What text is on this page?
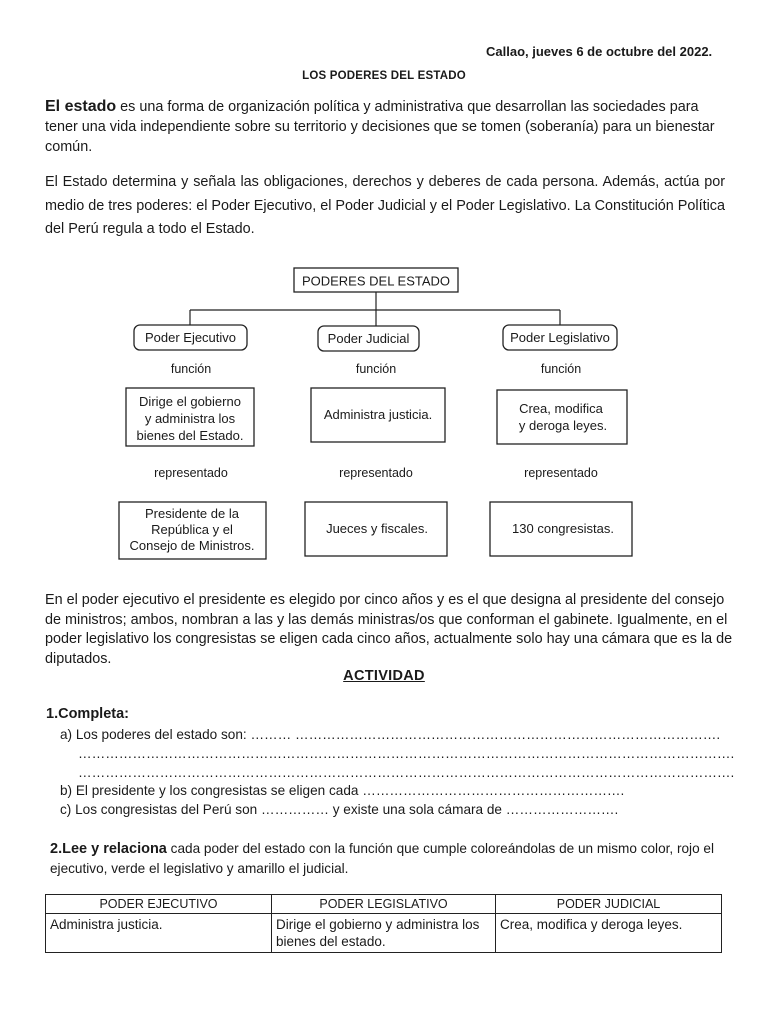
Callao, jueves 6 de octubre del 2022.
LOS PODERES DEL ESTADO

El estado es una forma de organización política y administrativa que desarrollan las sociedades para tener una vida independiente sobre su territorio y decisiones que se tomen (soberanía) para un bienestar común.

El Estado determina y señala las obligaciones, derechos y deberes de cada persona. Además, actúa por medio de tres poderes: el Poder Ejecutivo, el Poder Judicial y el Poder Legislativo. La Constitución Política del Perú regula a todo el Estado.

PODERES DEL ESTADO
Poder Ejecutivo
función
Dirige el gobierno
y administra los
bienes del Estado.
representado
Presidente de la
República y el
Consejo de Ministros.
Poder Judicial
función
Administra justicia.
representado
Jueces y fiscales.
Poder Legislativo
función
Crea, modifica
y deroga leyes.
representado
130 congresistas.

En el poder ejecutivo el presidente es elegido por cinco años y es el que designa al presidente del consejo de ministros; ambos, nombran a las y las demás ministras/os que conforman el gabinete. Igualmente, en el poder legislativo los congresistas se eligen cada cinco años, actualmente solo hay una cámara que es la de diputados.

ACTIVIDAD
1.Completa:
a) Los poderes del estado son: ……… ………………………………………………………………………………….
……………………………………………………………………………………………………………………………….
……………………………………………………………………………………………………………………………….
b) El presidente y los congresistas se eligen cada ………………………………………………….
c) Los congresistas del Perú son …………… y existe una sola cámara de …………………….
2.Lee y relaciona cada poder del estado con la función que cumple coloreándolas de un mismo color, rojo el ejecutivo, verde el legislativo y amarillo el judicial.
PODER EJECUTIVO	PODER LEGISLATIVO	PODER JUDICIAL
Administra justicia.	Dirige el gobierno y administra los bienes del estado.	Crea, modifica y deroga leyes.
